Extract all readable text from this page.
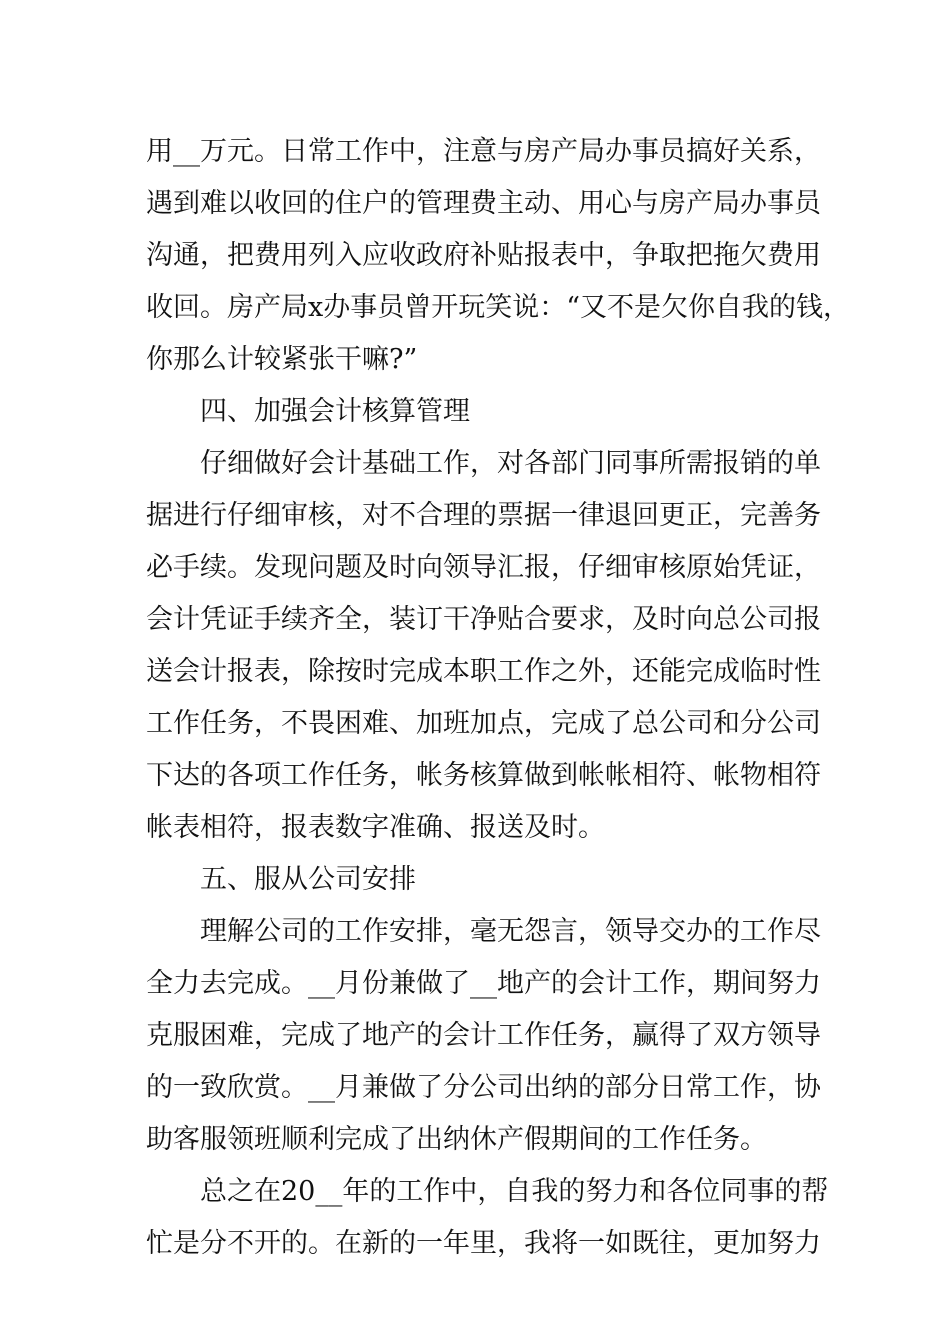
用__万元。日常工作中，注意与房产局办事员搞好关系，
遇到难以收回的住户的管理费主动、用心与房产局办事员
沟通，把费用列入应收政府补贴报表中，争取把拖欠费用
收回。房产局x办事员曾开玩笑说：“又不是欠你自我的钱，
你那么计较紧张干嘛?”
四、加强会计核算管理
仔细做好会计基础工作，对各部门同事所需报销的单
据进行仔细审核，对不合理的票据一律退回更正，完善务
必手续。发现问题及时向领导汇报，仔细审核原始凭证，
会计凭证手续齐全，装订干净贴合要求，及时向总公司报
送会计报表，除按时完成本职工作之外，还能完成临时性
工作任务，不畏困难、加班加点，完成了总公司和分公司
下达的各项工作任务，帐务核算做到帐帐相符、帐物相符
帐表相符，报表数字准确、报送及时。
五、服从公司安排
理解公司的工作安排，毫无怨言，领导交办的工作尽
全力去完成。__月份兼做了__地产的会计工作，期间努力
克服困难，完成了地产的会计工作任务，赢得了双方领导
的一致欣赏。__月兼做了分公司出纳的部分日常工作，协
助客服领班顺利完成了出纳休产假期间的工作任务。
总之在20__年的工作中，自我的努力和各位同事的帮
忙是分不开的。在新的一年里，我将一如既往，更加努力
